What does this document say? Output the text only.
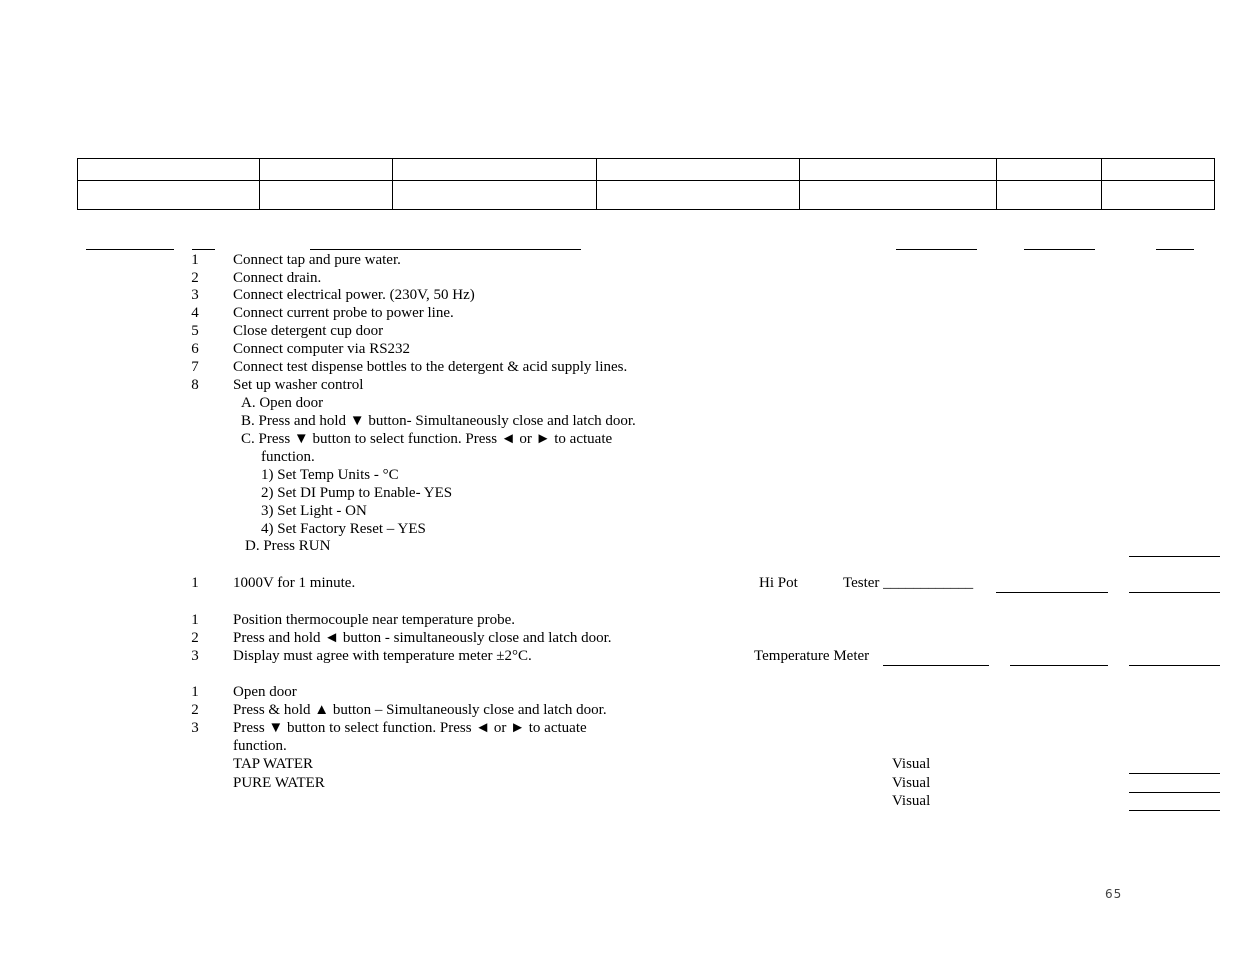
1 Connect tap and pure water.
2 Connect drain.
3 Connect electrical power. (230V, 50 Hz)
4 Connect current probe to power line.
5 Close detergent cup door
6 Connect computer via RS232
7 Connect test dispense bottles to the detergent & acid supply lines.
8 Set up washer control
A. Open door
B. Press and hold ▼ button- Simultaneously close and latch door.
C. Press ▼ button to select function. Press ◄ or ► to actuate
function.
1) Set Temp Units - °C
2) Set DI Pump to Enable- YES
3) Set Light - ON
4) Set Factory Reset – YES
D. Press RUN
1 1000V for 1 minute.	Hi Pot	Tester ____________
1 Position thermocouple near temperature probe.
2 Press and hold ◄ button - simultaneously close and latch door.
3 Display must agree with temperature meter ±2°C.	Temperature Meter
1 Open door
2 Press & hold ▲ button – Simultaneously close and latch door.
3 Press ▼ button to select function. Press ◄ or ► to actuate
function.
TAP WATER	Visual
PURE WATER	Visual
Visual
65
